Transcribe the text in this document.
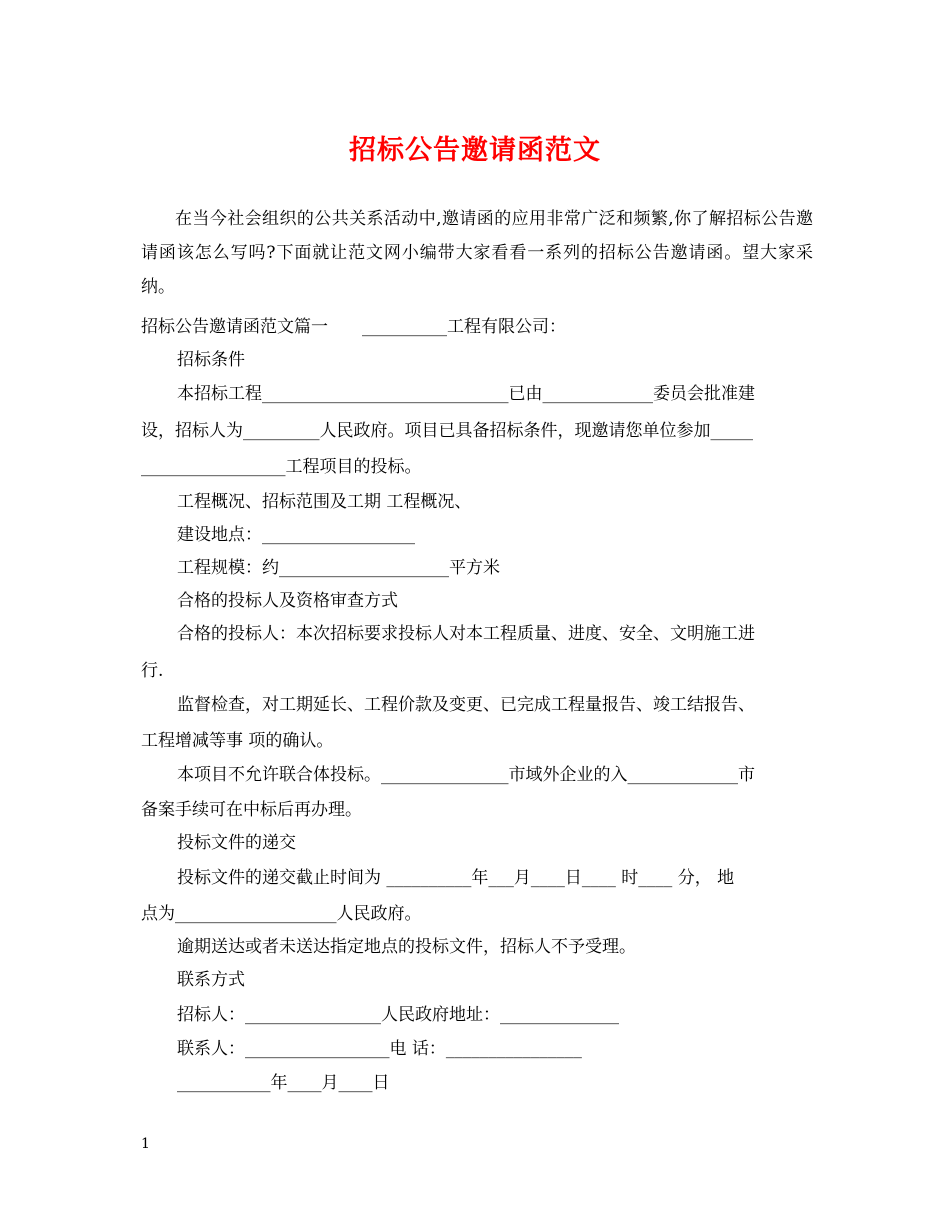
招标公告邀请函范文
在当今社会组织的公共关系活动中,邀请函的应用非常广泛和频繁,你了解招标公告邀请函该怎么写吗?下面就让范文网小编带大家看看一系列的招标公告邀请函。望大家采纳。
招标公告邀请函范文篇一　　__________工程有限公司：
招标条件
本招标工程_____________________________已由_____________委员会批准建
设，招标人为_________人民政府。项目已具备招标条件，现邀请您单位参加_____
_________________工程项目的投标。
工程概况、招标范围及工期 工程概况、
建设地点：__________________
工程规模：约____________________平方米
合格的投标人及资格审查方式
合格的投标人：本次招标要求投标人对本工程质量、进度、安全、文明施工进
行.
监督检查，对工期延长、工程价款及变更、已完成工程量报告、竣工结报告、
工程增减等事 项的确认。
本项目不允许联合体投标。_______________市域外企业的入_____________市
备案手续可在中标后再办理。
投标文件的递交
投标文件的递交截止时间为 __________年___月____日____ 时____ 分， 地
点为___________________人民政府。
逾期送达或者未送达指定地点的投标文件，招标人不予受理。
联系方式
招标人：________________人民政府地址：______________
联系人：_________________电 话：________________
___________年____月____日
1
